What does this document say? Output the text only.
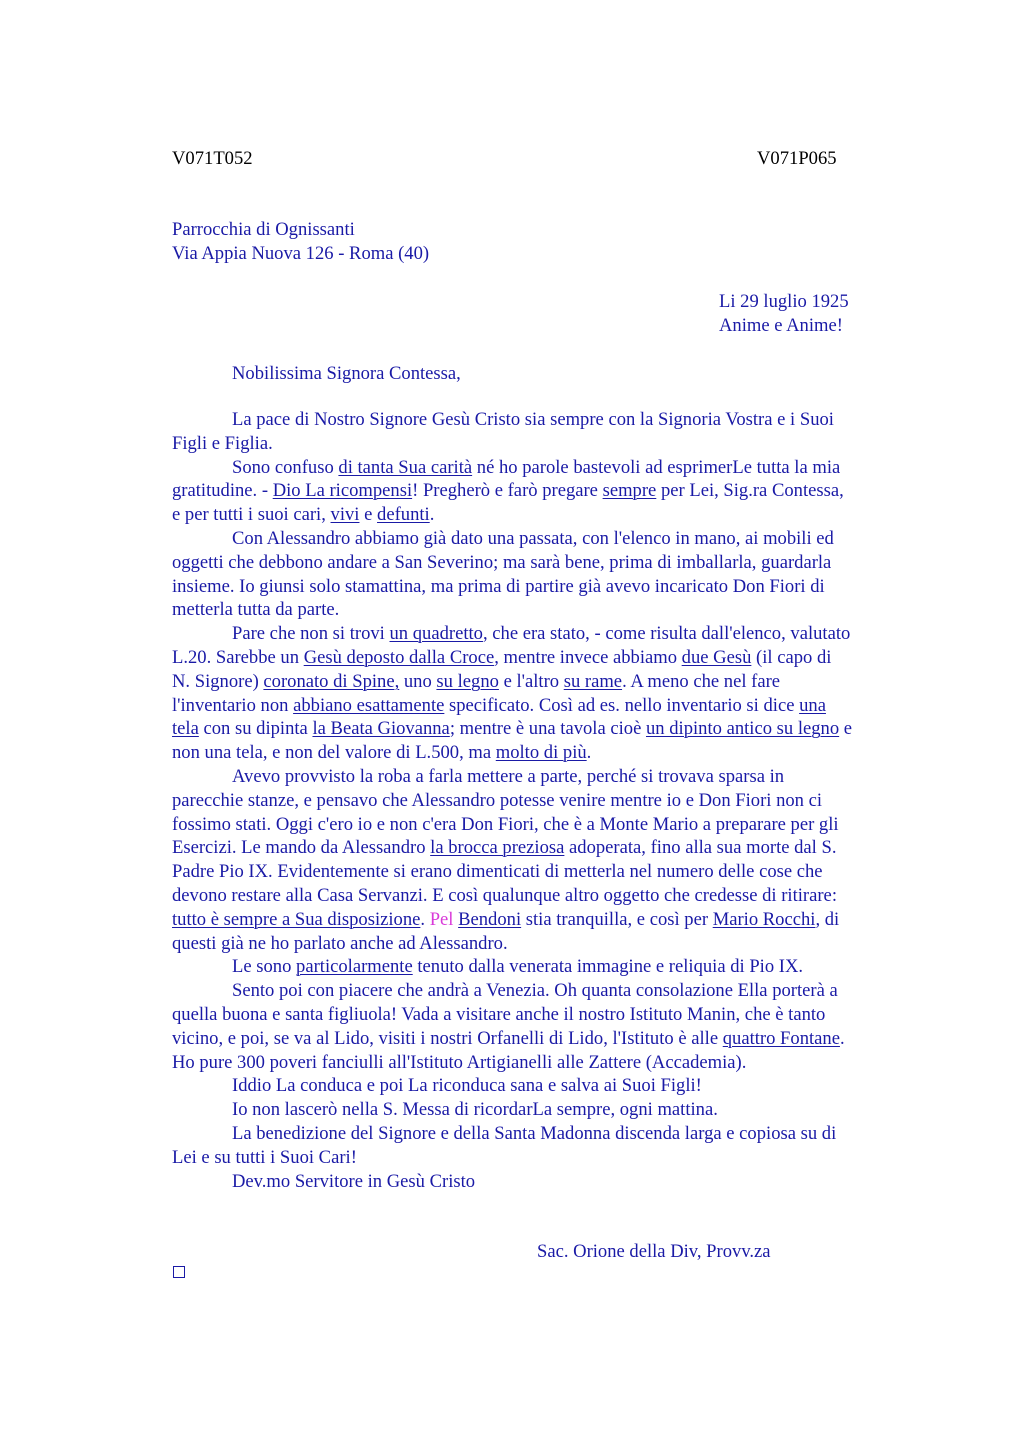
V071T052	V071P065
Parrocchia di Ognissanti
Via Appia Nuova 126 - Roma (40)
Li 29 luglio 1925
Anime e Anime!
Nobilissima Signora Contessa,

La pace di Nostro Signore Gesù Cristo sia sempre con la Signoria Vostra e i Suoi
Figli e Figlia.

Sono confuso di tanta Sua carità né ho parole bastevoli ad esprimerLe tutta la mia
gratitudine. - Dio La ricompensi! Pregherò e farò pregare sempre per Lei, Sig.ra Contessa,
e per tutti i suoi cari, vivi e defunti.

Con Alessandro abbiamo già dato una passata, con l'elenco in mano, ai mobili ed
oggetti che debbono andare a San Severino; ma sarà bene, prima di imballarla, guardarla
insieme. Io giunsi solo stamattina, ma prima di partire già avevo incaricato Don Fiori di
metterla tutta da parte.

Pare che non si trovi un quadretto, che era stato, - come risulta dall'elenco, valutato
L.20. Sarebbe un Gesù deposto dalla Croce, mentre invece abbiamo due Gesù (il capo di
N. Signore) coronato di Spine, uno su legno e l'altro su rame. A meno che nel fare
l'inventario non abbiano esattamente specificato. Così ad es. nello inventario si dice una
tela con su dipinta la Beata Giovanna; mentre è una tavola cioè un dipinto antico su legno e
non una tela, e non del valore di L.500, ma molto di più.

Avevo provvisto la roba a farla mettere a parte, perché si trovava sparsa in
parecchie stanze, e pensavo che Alessandro potesse venire mentre io e Don Fiori non ci
fossimo stati. Oggi c'ero io e non c'era Don Fiori, che è a Monte Mario a preparare per gli
Esercizi. Le mando da Alessandro la brocca preziosa adoperata, fino alla sua morte dal S.
Padre Pio IX. Evidentemente si erano dimenticati di metterla nel numero delle cose che
devono restare alla Casa Servanzi. E così qualunque altro oggetto che credesse di ritirare:
tutto è sempre a Sua disposizione. Pel Bendoni stia tranquilla, e così per Mario Rocchi, di
questi già ne ho parlato anche ad Alessandro.

Le sono particolarmente tenuto dalla venerata immagine e reliquia di Pio IX.

Sento poi con piacere che andrà a Venezia. Oh quanta consolazione Ella porterà a
quella buona e santa figliuola! Vada a visitare anche il nostro Istituto Manin, che è tanto
vicino, e poi, se va al Lido, visiti i nostri Orfanelli di Lido, l'Istituto è alle quattro Fontane.
Ho pure 300 poveri fanciulli all'Istituto Artigianelli alle Zattere (Accademia).

Iddio La conduca e poi La riconduca sana e salva ai Suoi Figli!

Io non lascerò nella S. Messa di ricordarLa sempre, ogni mattina.

La benedizione del Signore e della Santa Madonna discenda larga e copiosa su di
Lei e su tutti i Suoi Cari!

Dev.mo Servitore in Gesù Cristo

Sac. Orione della Div, Provv.za
